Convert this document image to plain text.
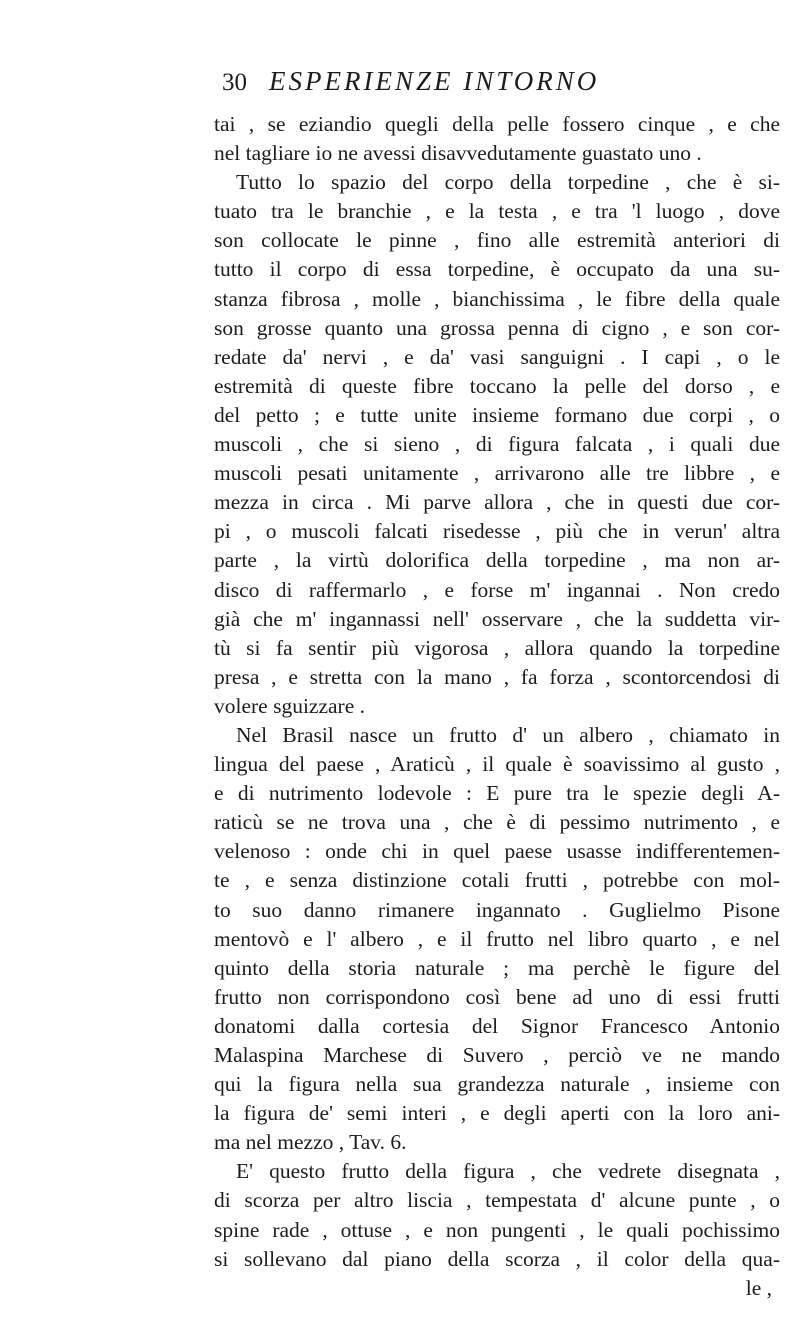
30 ESPERIENZE INTORNO
tai , se eziandio quegli della pelle fossero cinque , e che
nel tagliare io ne avessi disavvedutamente guastato uno .
Tutto lo spazio del corpo della torpedine , che è si-
tuato tra le branchie , e la testa , e tra 'l luogo , dove
son collocate le pinne , fino alle estremità anteriori di
tutto il corpo di essa torpedine, è occupato da una su-
stanza fibrosa , molle , bianchissima , le fibre della quale
son grosse quanto una grossa penna di cigno , e son cor-
redate da' nervi , e da' vasi sanguigni . I capi , o le
estremità di queste fibre toccano la pelle del dorso , e
del petto ; e tutte unite insieme formano due corpi , o
muscoli , che si sieno , di figura falcata , i quali due
muscoli pesati unitamente , arrivarono alle tre libbre , e
mezza in circa . Mi parve allora , che in questi due cor-
pi , o muscoli falcati risedesse , più che in verun' altra
parte , la virtù dolorifica della torpedine , ma non ar-
disco di raffermarlo , e forse m' ingannai . Non credo
già che m' ingannassi nell' osservare , che la suddetta vir-
tù si fa sentir più vigorosa , allora quando la torpedine
presa , e stretta con la mano , fa forza , scontorcendosi di
volere sguizzare .
Nel Brasil nasce un frutto d' un albero , chiamato in
lingua del paese , Araticù , il quale è soavissimo al gusto ,
e di nutrimento lodevole : E pure tra le spezie degli A-
raticù se ne trova una , che è di pessimo nutrimento , e
velenoso : onde chi in quel paese usasse indifferentemen-
te , e senza distinzione cotali frutti , potrebbe con mol-
to suo danno rimanere ingannato . Guglielmo Pisone
mentovò e l' albero , e il frutto nel libro quarto , e nel
quinto della storia naturale ; ma perchè le figure del
frutto non corrispondono così bene ad uno di essi frutti
donatomi dalla cortesia del Signor Francesco Antonio
Malaspina Marchese di Suvero , perciò ve ne mando
qui la figura nella sua grandezza naturale , insieme con
la figura de' semi interi , e degli aperti con la loro ani-
ma nel mezzo , Tav. 6.
E' questo frutto della figura , che vedrete disegnata ,
di scorza per altro liscia , tempestata d' alcune punte , o
spine rade , ottuse , e non pungenti , le quali pochissimo
si sollevano dal piano della scorza , il color della qua-
le ,
